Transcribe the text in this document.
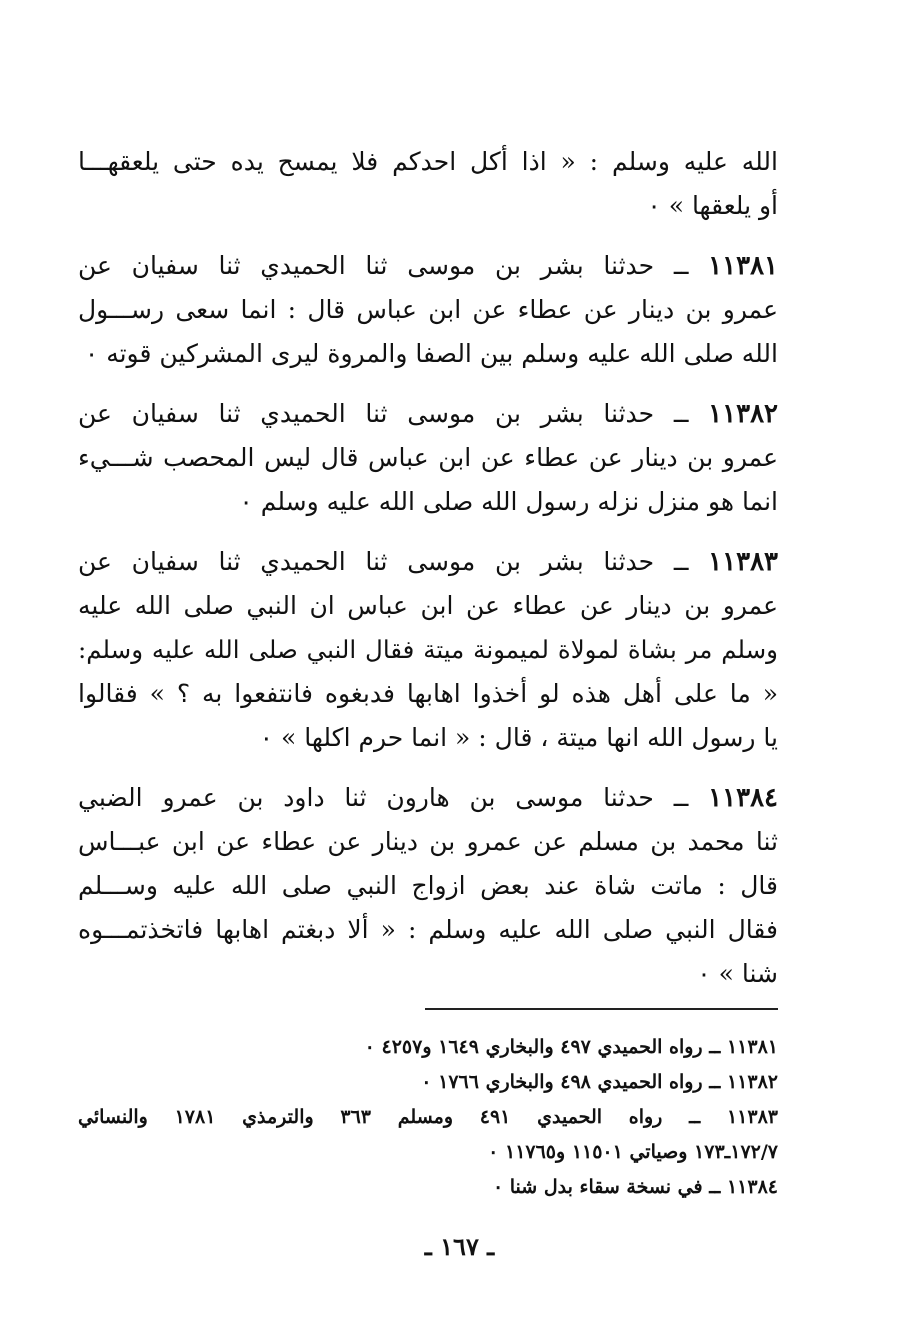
الله عليه وسلم : « اذا أكل احدكم فلا يمسح يده حتى يلعقهـــا
أو يلعقها » ٠
١١٣٨١ ــ حدثنا بشر بن موسى ثنا الحميدي ثنا سفيان عن
عمرو بن دينار عن عطاء عن ابن عباس قال : انما سعى رســـول
الله صلى الله عليه وسلم بين الصفا والمروة ليرى المشركين قوته ٠
١١٣٨٢ ــ حدثنا بشر بن موسى ثنا الحميدي ثنا سفيان عن
عمرو بن دينار عن عطاء عن ابن عباس قال ليس المحصب شـــيء
انما هو منزل نزله رسول الله صلى الله عليه وسلم ٠
١١٣٨٣ ــ حدثنا بشر بن موسى ثنا الحميدي ثنا سفيان عن
عمرو بن دينار عن عطاء عن ابن عباس ان النبي صلى الله عليه
وسلم مر بشاة لمولاة لميمونة ميتة فقال النبي صلى الله عليه وسلم:
« ما على أهل هذه لو أخذوا اهابها فدبغوه فانتفعوا به ؟ » فقالوا
يا رسول الله انها ميتة ، قال : « انما حرم اكلها » ٠
١١٣٨٤ ــ حدثنا موسى بن هارون ثنا داود بن عمرو الضبي
ثنا محمد بن مسلم عن عمرو بن دينار عن عطاء عن ابن عبـــاس
قال : ماتت شاة عند بعض ازواج النبي صلى الله عليه وســـلم
فقال النبي صلى الله عليه وسلم : « ألا دبغتم اهابها فاتخذتمـــوه
شنا » ٠
١١٣٨١ ــ رواه الحميدي ٤٩٧ والبخاري ١٦٤٩ و٤٢٥٧ ٠
١١٣٨٢ ــ رواه الحميدي ٤٩٨ والبخاري ١٧٦٦ ٠
١١٣٨٣ ــ رواه الحميدي ٤٩١ ومسلم ٣٦٣ والترمذي ١٧٨١ والنسائي
١٧٢/٧ـ١٧٣ وصياتي ١١٥٠١ و١١٧٦٥ ٠
١١٣٨٤ ــ في نسخة سقاء بدل شنا ٠
ـ ١٦٧ ـ
